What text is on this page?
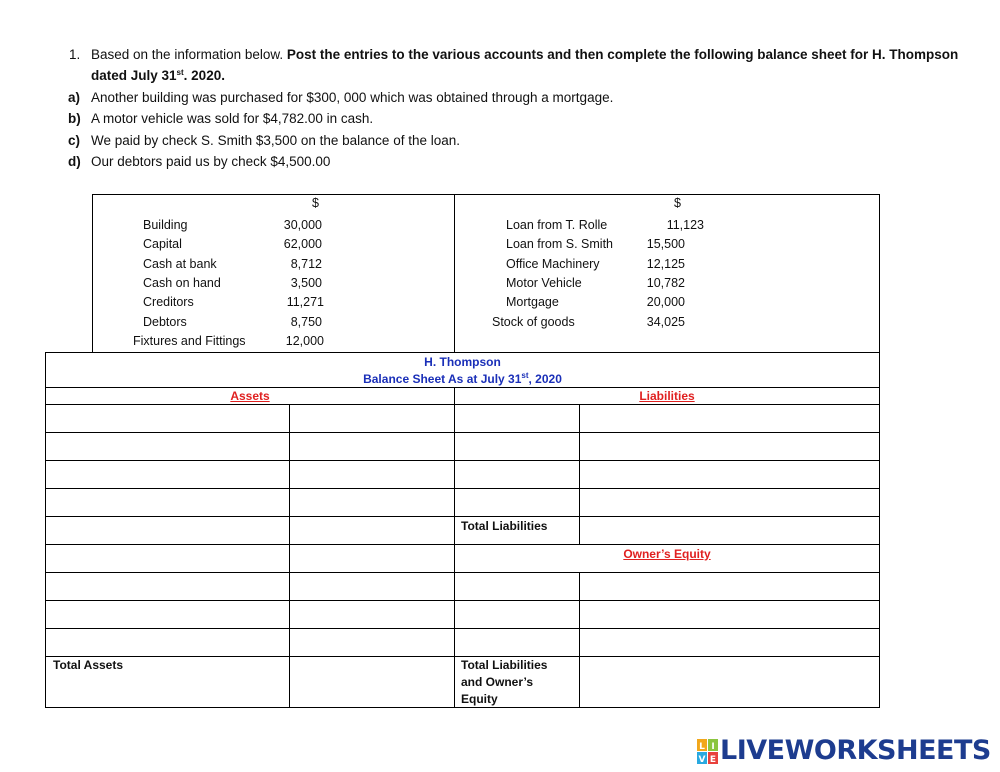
1. Based on the information below. Post the entries to the various accounts and then complete the following balance sheet for H. Thompson
dated July 31st. 2020.
a) Another building was purchased for $300, 000 which was obtained through a mortgage.
b) A motor vehicle was sold for $4,782.00 in cash.
c) We paid by check S. Smith $3,500 on the balance of the loan.
d) Our debtors paid us by check $4,500.00
$	$
Building	30,000
Capital	62,000
Cash at bank	8,712
Cash on hand	3,500
Creditors	11,271
Debtors	8,750
Fixtures and Fittings	12,000
Loan from T. Rolle	11,123
Loan from S. Smith	15,500
Office Machinery	12,125
Motor Vehicle	10,782
Mortgage	20,000
Stock of goods	34,025
H. Thompson
Balance Sheet As at July 31st, 2020
Assets	Liabilities
Total Liabilities
Owner’s Equity
Total Assets	Total Liabilities
and Owner’s
Equity
L I
V E LIVEWORKSHEETS
